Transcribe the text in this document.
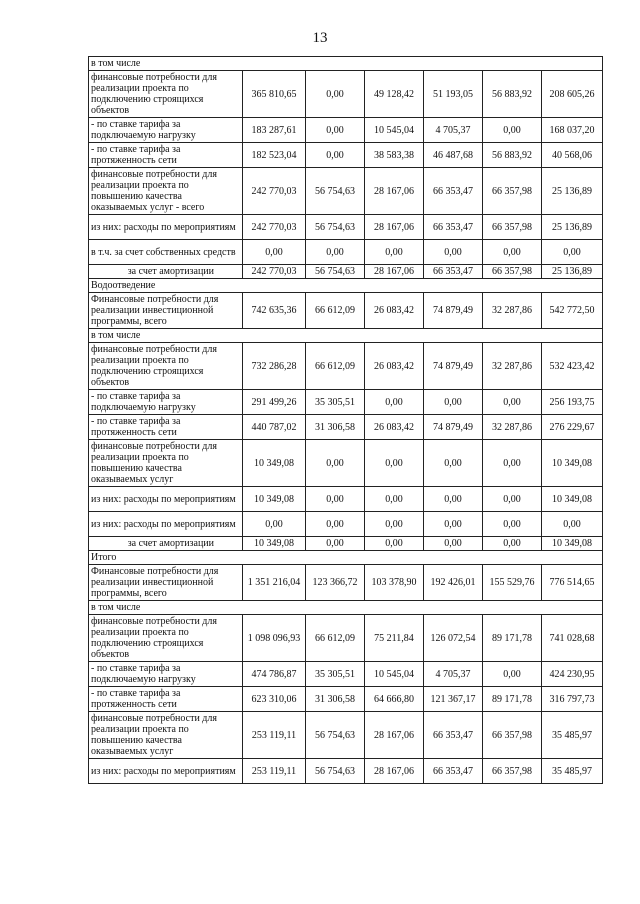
13
в том числе						
финансовые потребности для реализации проекта по подключению строящихся объектов	365 810,65	0,00	49 128,42	51 193,05	56 883,92	208 605,26
- по ставке тарифа за подключаемую нагрузку	183 287,61	0,00	10 545,04	4 705,37	0,00	168 037,20
- по ставке тарифа за протяженность сети	182 523,04	0,00	38 583,38	46 487,68	56 883,92	40 568,06
финансовые потребности для реализации проекта по повышению качества оказываемых услуг - всего	242 770,03	56 754,63	28 167,06	66 353,47	66 357,98	25 136,89
из них: расходы по мероприятиям	242 770,03	56 754,63	28 167,06	66 353,47	66 357,98	25 136,89
в т.ч. за счет собственных средств	0,00	0,00	0,00	0,00	0,00	0,00
за счет амортизации	242 770,03	56 754,63	28 167,06	66 353,47	66 357,98	25 136,89
Водоотведение						
Финансовые потребности для реализации инвестиционной программы, всего	742 635,36	66 612,09	26 083,42	74 879,49	32 287,86	542 772,50
в том числе						
финансовые потребности для реализации проекта по подключению строящихся объектов	732 286,28	66 612,09	26 083,42	74 879,49	32 287,86	532 423,42
- по ставке тарифа за подключаемую нагрузку	291 499,26	35 305,51	0,00	0,00	0,00	256 193,75
- по ставке тарифа за протяженность сети	440 787,02	31 306,58	26 083,42	74 879,49	32 287,86	276 229,67
финансовые потребности для реализации проекта по повышению качества оказываемых услуг	10 349,08	0,00	0,00	0,00	0,00	10 349,08
из них: расходы по мероприятиям	10 349,08	0,00	0,00	0,00	0,00	10 349,08
из них: расходы по мероприятиям	0,00	0,00	0,00	0,00	0,00	0,00
за счет амортизации	10 349,08	0,00	0,00	0,00	0,00	10 349,08
Итого						
Финансовые потребности для реализации инвестиционной программы, всего	1 351 216,04	123 366,72	103 378,90	192 426,01	155 529,76	776 514,65
в том числе						
финансовые потребности для реализации проекта по подключению строящихся объектов	1 098 096,93	66 612,09	75 211,84	126 072,54	89 171,78	741 028,68
- по ставке тарифа за подключаемую нагрузку	474 786,87	35 305,51	10 545,04	4 705,37	0,00	424 230,95
- по ставке тарифа за протяженность сети	623 310,06	31 306,58	64 666,80	121 367,17	89 171,78	316 797,73
финансовые потребности для реализации проекта по повышению качества оказываемых услуг	253 119,11	56 754,63	28 167,06	66 353,47	66 357,98	35 485,97
из них: расходы по мероприятиям	253 119,11	56 754,63	28 167,06	66 353,47	66 357,98	35 485,97
